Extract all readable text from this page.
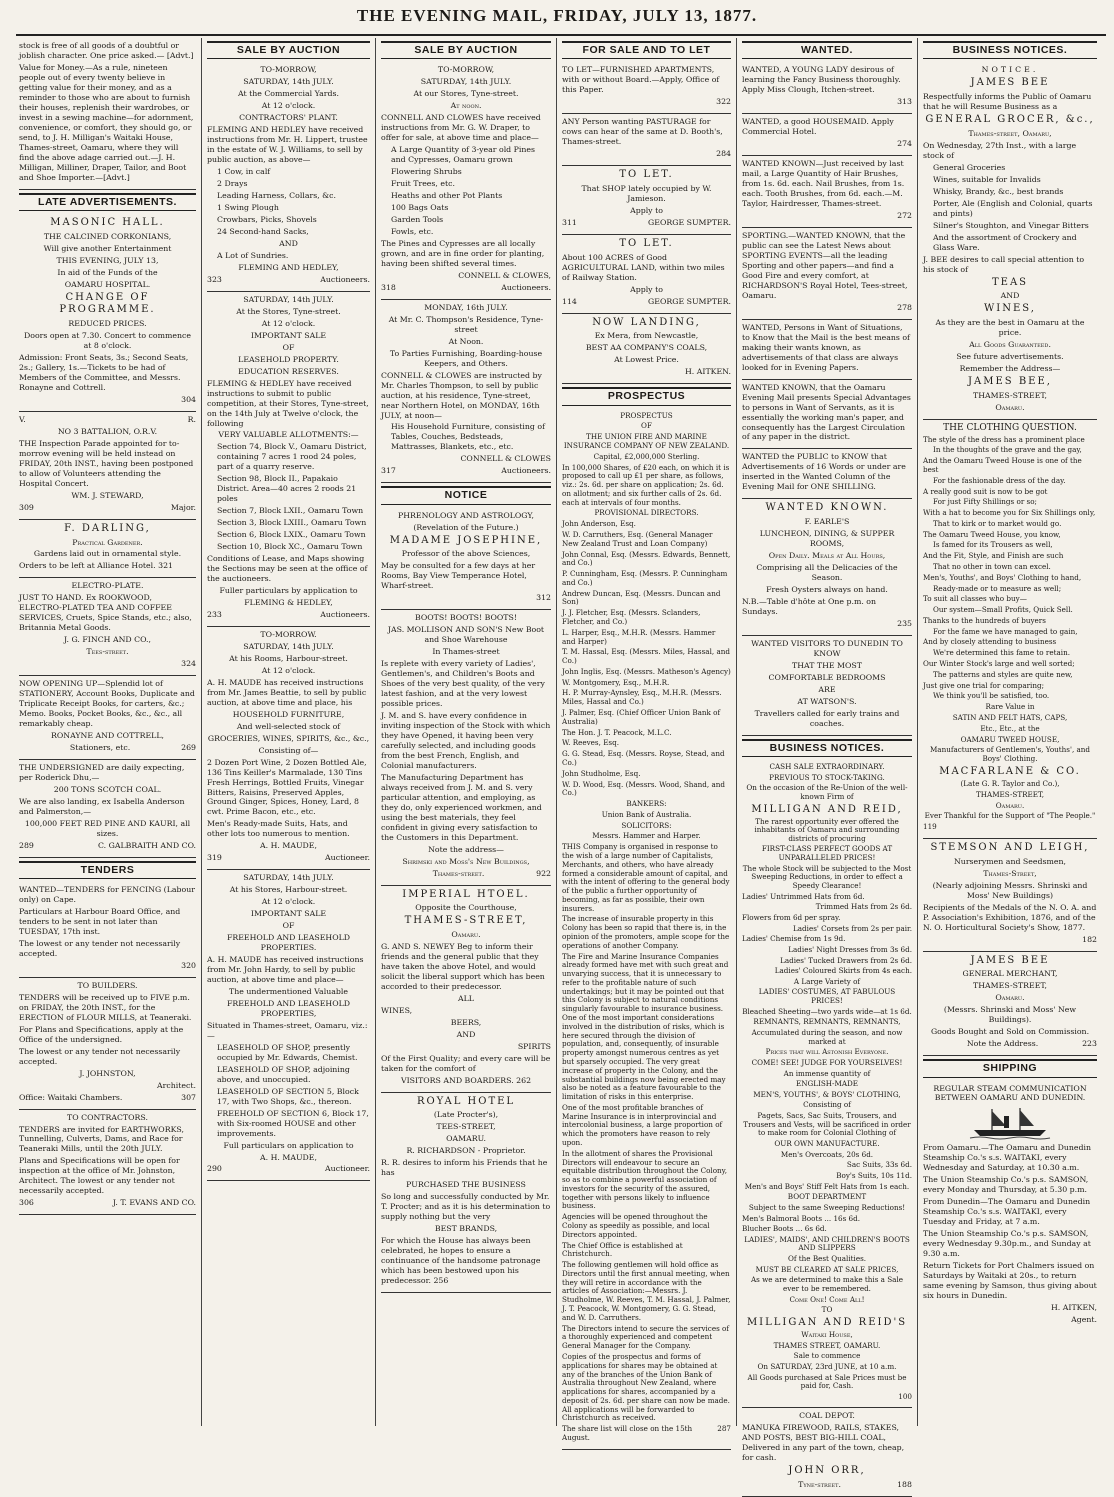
THE EVENING MAIL, FRIDAY, JULY 13, 1877.

stock is free of all goods of a doubtful or joblish character. One price asked.— [Advt.]

Value for Money.—As a rule, nineteen people out of every twenty believe in getting value for their money, and as a reminder to those who are about to furnish their houses, replenish their wardrobes, or invest in a sewing machine—for adornment, convenience, or comfort, they should go, or send, to J. H. Milligan's Waitaki House, Thames-street, Oamaru, where they will find the above adage carried out.—J. H. Milligan, Milliner, Draper, Tailor, and Boot and Shoe Importer.—[Advt.]

LATE ADVERTISEMENTS.

MASONIC HALL.

THE CALCINED CORKONIANS,

Will give another Entertainment

THIS EVENING, JULY 13,

In aid of the Funds of the

OAMARU HOSPITAL.

CHANGE OF PROGRAMME.

REDUCED PRICES.

Doors open at 7.30. Concert to commence at 8 o'clock.

Admission: Front Seats, 3s.; Second Seats, 2s.; Gallery, 1s.—Tickets to be had of Members of the Committee, and Messrs. Ronayne and Cottrell.

304

V.	R.

NO 3 BATTALION, O.R.V.

THE Inspection Parade appointed for to-morrow evening will be held instead on FRIDAY, 20th INST., having been postponed to allow of Volunteers attending the Hospital Concert.

WM. J. STEWARD,

309	Major.

F. DARLING,

Practical Gardener.

Gardens laid out in ornamental style.

Orders to be left at Alliance Hotel. 321

ELECTRO-PLATE.

JUST TO HAND. Ex ROOKWOOD, ELECTRO-PLATED TEA AND COFFEE SERVICES, Cruets, Spice Stands, etc.; also, Britannia Metal Goods.

J. G. FINCH AND CO.,

Tees-street.

324

NOW OPENING UP—Splendid lot of STATIONERY, Account Books, Duplicate and Triplicate Receipt Books, for carters, &c.; Memo. Books, Pocket Books, &c., &c., all remarkably cheap.

RONAYNE AND COTTRELL,

Stationers, etc.	269

THE UNDERSIGNED are daily expecting, per Roderick Dhu,—

200 TONS SCOTCH COAL.

We are also landing, ex Isabella Anderson and Palmerston,—

100,000 FEET RED PINE AND KAURI, all sizes.

289	C. GALBRAITH AND CO.

TENDERS

WANTED—TENDERS for FENCING (Labour only) on Cape.

Particulars at Harbour Board Office, and tenders to be sent in not later than TUESDAY, 17th inst.

The lowest or any tender not necessarily accepted.

320

TO BUILDERS.

TENDERS will be received up to FIVE p.m. on FRIDAY, the 20th INST., for the ERECTION of FLOUR MILLS, at Teaneraki.

For Plans and Specifications, apply at the Office of the undersigned.

The lowest or any tender not necessarily accepted.

J. JOHNSTON,

Architect.

Office: Waitaki Chambers.	307

TO CONTRACTORS.

TENDERS are invited for EARTHWORKS, Tunnelling, Culverts, Dams, and Race for Teaneraki Mills, until the 20th JULY.

Plans and Specifications will be open for inspection at the office of Mr. Johnston, Architect. The lowest or any tender not necessarily accepted.

306	J. T. EVANS AND CO.

SALE BY AUCTION

TO-MORROW,

SATURDAY, 14th JULY.

At the Commercial Yards.

At 12 o'clock.

CONTRACTORS' PLANT.

FLEMING AND HEDLEY have received instructions from Mr. H. Lippert, trustee in the estate of W. J. Williams, to sell by public auction, as above—

1 Cow, in calf

2 Drays

Leading Harness, Collars, &c.

1 Swing Plough

Crowbars, Picks, Shovels

24 Second-hand Sacks,

AND

A Lot of Sundries.

FLEMING AND HEDLEY,

323	Auctioneers.

SATURDAY, 14th JULY.

At the Stores, Tyne-street.

At 12 o'clock.

IMPORTANT SALE

OF

LEASEHOLD PROPERTY.

EDUCATION RESERVES.

FLEMING & HEDLEY have received instructions to submit to public competition, at their Stores, Tyne-street, on the 14th July at Twelve o'clock, the following

VERY VALUABLE ALLOTMENTS:—

Section 74, Block V., Oamaru District, containing 7 acres 1 rood 24 poles, part of a quarry reserve.

Section 98, Block II., Papakaio District. Area—40 acres 2 roods 21 poles

Section 7, Block LXII., Oamaru Town

Section 3, Block LXIII., Oamaru Town

Section 6, Block LXIX., Oamaru Town

Section 10, Block XC., Oamaru Town

Conditions of Lease, and Maps showing the Sections may be seen at the office of the auctioneers.

Fuller particulars by application to

FLEMING & HEDLEY,

233	Auctioneers.

TO-MORROW.

SATURDAY, 14th JULY.

At his Rooms, Harbour-street.

At 12 o'clock.

A. H. MAUDE has received instructions from Mr. James Beattie, to sell by public auction, at above time and place, his

HOUSEHOLD FURNITURE,

And well-selected stock of

GROCERIES, WINES, SPIRITS, &c., &c.,

Consisting of—

2 Dozen Port Wine, 2 Dozen Bottled Ale, 136 Tins Keiller's Marmalade, 130 Tins Fresh Herrings, Bottled Fruits, Vinegar Bitters, Raisins, Preserved Apples, Ground Ginger, Spices, Honey, Lard, 8 cwt. Prime Bacon, etc., etc.

Men's Ready-made Suits, Hats, and other lots too numerous to mention.

A. H. MAUDE,

319	Auctioneer.

SATURDAY, 14th JULY.

At his Stores, Harbour-street.

At 12 o'clock.

IMPORTANT SALE

OF

FREEHOLD AND LEASEHOLD PROPERTIES.

A. H. MAUDE has received instructions from Mr. John Hardy, to sell by public auction, at above time and place—

The undermentioned Valuable

FREEHOLD AND LEASEHOLD PROPERTIES,

Situated in Thames-street, Oamaru, viz.:—

LEASEHOLD OF SHOP, presently occupied by Mr. Edwards, Chemist.

LEASEHOLD OF SHOP, adjoining above, and unoccupied.

LEASEHOLD OF SECTION 5, Block 17, with Two Shops, &c., thereon.

FREEHOLD OF SECTION 6, Block 17, with Six-roomed HOUSE and other improvements.

Full particulars on application to

A. H. MAUDE,

290	Auctioneer.

SALE BY AUCTION

TO-MORROW,

SATURDAY, 14th JULY.

At our Stores, Tyne-street.

At noon.

CONNELL AND CLOWES have received instructions from Mr. G. W. Draper, to offer for sale, at above time and place—

A Large Quantity of 3-year old Pines and Cypresses, Oamaru grown

Flowering Shrubs

Fruit Trees, etc.

Heaths and other Pot Plants

100 Bags Oats

Garden Tools

Fowls, etc.

The Pines and Cypresses are all locally grown, and are in fine order for planting, having been shifted several times.

CONNELL & CLOWES,

318	Auctioneers.

MONDAY, 16th JULY.

At Mr. C. Thompson's Residence, Tyne-street

At Noon.

To Parties Furnishing, Boarding-house Keepers, and Others.

CONNELL & CLOWES are instructed by Mr. Charles Thompson, to sell by public auction, at his residence, Tyne-street, near Northern Hotel, on MONDAY, 16th JULY, at noon—

His Household Furniture, consisting of Tables, Couches, Bedsteads, Mattrasses, Blankets, etc., etc.

CONNELL & CLOWES

317	Auctioneers.

NOTICE

PHRENOLOGY AND ASTROLOGY,

(Revelation of the Future.)

MADAME JOSEPHINE,

Professor of the above Sciences,

May be consulted for a few days at her Rooms, Bay View Temperance Hotel, Wharf-street.

312

BOOTS! BOOTS! BOOTS!

JAS. MOLLISON AND SON'S New Boot and Shoe Warehouse

In Thames-street

Is replete with every variety of Ladies', Gentlemen's, and Children's Boots and Shoes of the very best quality, of the very latest fashion, and at the very lowest possible prices.

J. M. and S. have every confidence in inviting inspection of the Stock with which they have Opened, it having been very carefully selected, and including goods from the best French, English, and Colonial manufacturers.

The Manufacturing Department has always received from J. M. and S. very particular attention, and employing, as they do, only experienced workmen, and using the best materials, they feel confident in giving every satisfaction to the Customers in this Department.

Note the address—

Shrimski and Moss's New Buildings,

Thames-street.	922

IMPERIAL HTOEL.

Opposite the Courthouse,

THAMES-STREET,

Oamaru.

G. AND S. NEWEY Beg to inform their friends and the general public that they have taken the above Hotel, and would solicit the liberal support which has been accorded to their predecessor.

ALL

WINES,

BEERS,

AND

SPIRITS

Of the First Quality; and every care will be taken for the comfort of

VISITORS AND BOARDERS. 262

ROYAL HOTEL

(Late Procter's),

TEES-STREET,

OAMARU.

R. RICHARDSON - Proprietor.

R. R. desires to inform his Friends that he has

PURCHASED THE BUSINESS

So long and successfully conducted by Mr. T. Procter; and as it is his determination to supply nothing but the very

BEST BRANDS,

For which the House has always been celebrated, he hopes to ensure a continuance of the handsome patronage which has been bestowed upon his predecessor. 256

FOR SALE AND TO LET

TO LET—FURNISHED APARTMENTS, with or without Board.—Apply, Office of this Paper.

322

ANY Person wanting PASTURAGE for cows can hear of the same at D. Booth's, Thames-street.

284

TO LET.

That SHOP lately occupied by W. Jamieson.

Apply to

311	GEORGE SUMPTER.

TO LET.

About 100 ACRES of Good AGRICULTURAL LAND, within two miles of Railway Station.

Apply to

114	GEORGE SUMPTER.

NOW LANDING,

Ex Mera, from Newcastle,

BEST AA COMPANY'S COALS,

At Lowest Price.

H. AITKEN.

PROSPECTUS

PROSPECTUS

OF

THE UNION FIRE AND MARINE INSURANCE COMPANY OF NEW ZEALAND.

Capital, £2,000,000 Sterling.

In 100,000 Shares, of £20 each, on which it is proposed to call up £1 per share, as follows, viz.: 2s. 6d. per share on application; 2s. 6d. on allotment; and six further calls of 2s. 6d. each at intervals of four months.

PROVISIONAL DIRECTORS.

John Anderson, Esq.

W. D. Carruthers, Esq. (General Manager New Zealand Trust and Loan Company)

John Connal, Esq. (Messrs. Edwards, Bennett, and Co.)

P. Cunningham, Esq. (Messrs. P. Cunningham and Co.)

Andrew Duncan, Esq. (Messrs. Duncan and Son)

J. J. Fletcher, Esq. (Messrs. Sclanders, Fletcher, and Co.)

L. Harper, Esq., M.H.R. (Messrs. Hammer and Harper)

T. M. Hassal, Esq. (Messrs. Miles, Hassal, and Co.)

John Inglis, Esq. (Messrs. Matheson's Agency)

W. Montgomery, Esq., M.H.R.

H. P. Murray-Aynsley, Esq., M.H.R. (Messrs. Miles, Hassal and Co.)

J. Palmer, Esq. (Chief Officer Union Bank of Australia)

The Hon. J. T. Peacock, M.L.C.

W. Reeves, Esq.

G. G. Stead, Esq. (Messrs. Royse, Stead, and Co.)

John Studholme, Esq.

W. D. Wood, Esq. (Messrs. Wood, Shand, and Co.)

BANKERS:

Union Bank of Australia.

SOLICITORS:

Messrs. Hammer and Harper.

THIS Company is organised in response to the wish of a large number of Capitalists, Merchants, and others, who have already formed a considerable amount of capital, and with the intent of offering to the general body of the public a further opportunity of becoming, as far as possible, their own insurers.

The increase of insurable property in this Colony has been so rapid that there is, in the opinion of the promoters, ample scope for the operations of another Company.

The Fire and Marine Insurance Companies already formed have met with such great and unvarying success, that it is unnecessary to refer to the profitable nature of such undertakings; but it may be pointed out that this Colony is subject to natural conditions singularly favourable to insurance business. One of the most important considerations involved in the distribution of risks, which is here secured through the division of population, and, consequently, of insurable property amongst numerous centres as yet but sparsely occupied. The very great increase of property in the Colony, and the substantial buildings now being erected may also be noted as a feature favourable to the limitation of risks in this enterprise.

One of the most profitable branches of Marine Insurance is in interprovincial and intercolonial business, a large proportion of which the promoters have reason to rely upon.

In the allotment of shares the Provisional Directors will endeavour to secure an equitable distribution throughout the Colony, so as to combine a powerful association of investors for the security of the assured, together with persons likely to influence business.

Agencies will be opened throughout the Colony as speedily as possible, and local Directors appointed.

The Chief Office is established at Christchurch.

The following gentlemen will hold office as Directors until the first annual meeting, when they will retire in accordance with the articles of Association:—Messrs. J. Studholme, W. Reeves, T. M. Hassal, J. Palmer, J. T. Peacock, W. Montgomery, G. G. Stead, and W. D. Carruthers.

The Directors intend to secure the services of a thoroughly experienced and competent General Manager for the Company.

Copies of the prospectus and forms of applications for shares may be obtained at any of the branches of the Union Bank of Australia throughout New Zealand, where applications for shares, accompanied by a deposit of 2s. 6d. per share can now be made. All applications will be forwarded to Christchurch as received.

The share list will close on the 15th August.
287

WANTED.

WANTED, A YOUNG LADY desirous of learning the Fancy Business thoroughly. Apply Miss Clough, Itchen-street.

313

WANTED, a good HOUSEMAID. Apply Commercial Hotel.

274

WANTED KNOWN—Just received by last mail, a Large Quantity of Hair Brushes, from 1s. 6d. each. Nail Brushes, from 1s. each. Tooth Brushes, from 6d. each.—M. Taylor, Hairdresser, Thames-street.

272

SPORTING.—WANTED KNOWN, that the public can see the Latest News about SPORTING EVENTS—all the leading Sporting and other papers—and find a Good Fire and every comfort, at RICHARDSON'S Royal Hotel, Tees-street, Oamaru.

278

WANTED, Persons in Want of Situations, to Know that the Mail is the best means of making their wants known, as advertisements of that class are always looked for in Evening Papers.

WANTED KNOWN, that the Oamaru Evening Mail presents Special Advantages to persons in Want of Servants, as it is essentially the working man's paper, and consequently has the Largest Circulation of any paper in the district.

WANTED the PUBLIC to KNOW that Advertisements of 16 Words or under are inserted in the Wanted Column of the Evening Mail for ONE SHILLING.

WANTED KNOWN.

F. EARLE'S

LUNCHEON, DINING, & SUPPER ROOMS,

Open Daily. Meals at All Hours,

Comprising all the Delicacies of the Season.

Fresh Oysters always on hand.

N.B.—Table d'hôte at One p.m. on Sundays.

235

WANTED VISITORS TO DUNEDIN TO KNOW

THAT THE MOST

COMFORTABLE BEDROOMS

ARE

AT WATSON'S.

Travellers called for early trains and coaches.

BUSINESS NOTICES.

CASH SALE EXTRAORDINARY.

PREVIOUS TO STOCK-TAKING.

On the occasion of the Re-Union of the well-known Firm of

MILLIGAN AND REID,

The rarest opportunity ever offered the inhabitants of Oamaru and surrounding districts of procuring

FIRST-CLASS PERFECT GOODS AT UNPARALLELED PRICES!

The whole Stock will be subjected to the Most Sweeping Reductions, in order to effect a Speedy Clearance!

Ladies' Untrimmed Hats from 6d.

Trimmed Hats from 2s 6d.

Flowers from 6d per spray.

Ladies' Corsets from 2s per pair.

Ladies' Chemise from 1s 9d.

Ladies' Night Dresses from 3s 6d.

Ladies' Tucked Drawers from 2s 6d.

Ladies' Coloured Skirts from 4s each.

A Large Variety of

LADIES' COSTUMES, AT FABULOUS PRICES!

Bleached Sheeting—two yards wide—at 1s 6d.

REMNANTS, REMNANTS, REMNANTS,

Accumulated during the season, and now marked at

Prices that will Astonish Everyone.

COME! SEE! JUDGE FOR YOURSELVES!

An immense quantity of

ENGLISH-MADE

MEN'S, YOUTHS', & BOYS' CLOTHING,

Consisting of

Pagets, Sacs, Sac Suits, Trousers, and Trousers and Vests, will be sacrificed in order to make room for Colonial Clothing of

OUR OWN MANUFACTURE.

Men's Overcoats, 20s 6d.

Sac Suits, 33s 6d.

Boy's Suits, 10s 11d.

Men's and Boys' Stiff Felt Hats from 1s each.

BOOT DEPARTMENT

Subject to the same Sweeping Reductions!

Men's Balmoral Boots ... 16s 6d.

Blucher Boots ... 6s 6d.

LADIES', MAIDS', AND CHILDREN'S BOOTS AND SLIPPERS

Of the Best Qualities.

MUST BE CLEARED AT SALE PRICES,

As we are determined to make this a Sale ever to be remembered.

Come One! Come All!

TO

MILLIGAN AND REID'S

Waitaki House,

THAMES STREET, OAMARU.

Sale to commence

On SATURDAY, 23rd JUNE, at 10 a.m.

All Goods purchased at Sale Prices must be paid for, Cash.

100

COAL DEPOT.

MANUKA FIREWOOD, RAILS, STAKES, AND POSTS, BEST BIG-HILL COAL, Delivered in any part of the town, cheap, for cash.

JOHN ORR,

Tyne-street.	188

BUSINESS NOTICES.

NOTICE.

JAMES BEE

Respectfully informs the Public of Oamaru that he will Resume Business as a

GENERAL GROCER, &c.,

Thames-street, Oamaru,

On Wednesday, 27th Inst., with a large stock of

General Groceries

Wines, suitable for Invalids

Whisky, Brandy, &c., best brands

Porter, Ale (English and Colonial, quarts and pints)

Silner's Stoughton, and Vinegar Bitters

And the assortment of Crockery and Glass Ware.

J. BEE desires to call special attention to his stock of

TEAS

AND

WINES,

As they are the best in Oamaru at the price.

All Goods Guaranteed.

See future advertisements.

Remember the Address—

JAMES BEE,

THAMES-STREET,

Oamaru.

THE CLOTHING QUESTION.

The style of the dress has a prominent place

In the thoughts of the grave and the gay,

And the Oamaru Tweed House is one of the best

For the fashionable dress of the day.

A really good suit is now to be got

For just Fifty Shillings or so;

With a hat to become you for Six Shillings only,

That to kirk or to market would go.

The Oamaru Tweed House, you know,

Is famed for its Trousers as well,

And the Fit, Style, and Finish are such

That no other in town can excel.

Men's, Youths', and Boys' Clothing to hand,

Ready-made or to measure as well;

To suit all classes who buy—

Our system—Small Profits, Quick Sell.

Thanks to the hundreds of buyers

For the fame we have managed to gain,

And by closely attending to business

We're determined this fame to retain.

Our Winter Stock's large and well sorted;

The patterns and styles are quite new,

Just give one trial for comparing;

We think you'll be satisfied, too.

Rare Value in

SATIN AND FELT HATS, CAPS,

Etc., Etc., at the

OAMARU TWEED HOUSE,

Manufacturers of Gentlemen's, Youths', and Boys' Clothing.

MACFARLANE & CO.

(Late G. R. Taylor and Co.),

THAMES-STREET,

Oamaru.

Ever Thankful for the Support of "The People."

119

STEMSON AND LEIGH,

Nurserymen and Seedsmen,

Thames-Street,

(Nearly adjoining Messrs. Shrinski and Moss' New Buildings)

Recipients of the Medals of the N. O. A. and P. Association's Exhibition, 1876, and of the N. O. Horticultural Society's Show, 1877.

182

JAMES BEE

GENERAL MERCHANT,

THAMES-STREET,

Oamaru.

(Messrs. Shrinski and Moss' New Buildings).

Goods Bought and Sold on Commission.

Note the Address.	223

SHIPPING

REGULAR STEAM COMMUNICATION BETWEEN OAMARU AND DUNEDIN.

From Oamaru.—The Oamaru and Dunedin Steamship Co.'s s.s. WAITAKI, every Wednesday and Saturday, at 10.30 a.m.

The Union Steamship Co.'s p.s. SAMSON, every Monday and Thursday, at 5.30 p.m.

From Dunedin—The Oamaru and Dunedin Steamship Co.'s s.s. WAITAKI, every Tuesday and Friday, at 7 a.m.

The Union Steamship Co.'s p.s. SAMSON, every Wednesday 9.30p.m., and Sunday at 9.30 a.m.

Return Tickets for Port Chalmers issued on Saturdays by Waitaki at 20s., to return same evening by Samson, thus giving about six hours in Dunedin.

H. AITKEN,

Agent.
